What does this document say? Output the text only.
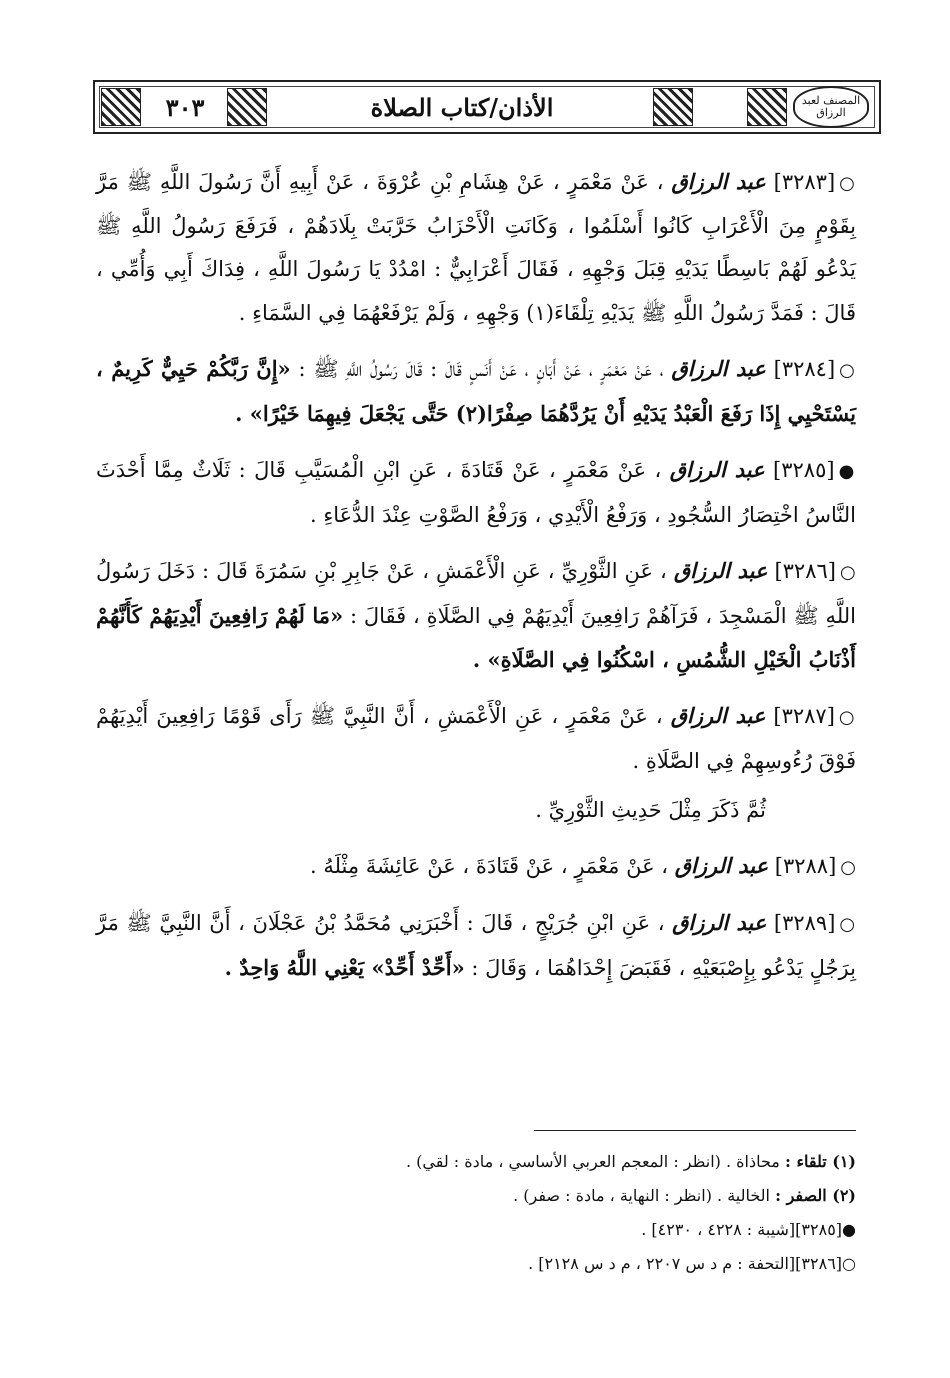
المصنف لعبد الرزاق
الأذان/كتاب الصلاة
٣٠٣

○[٣٢٨٣] عبد الرزاق ، عَنْ مَعْمَرٍ ، عَنْ هِشَامِ بْنِ عُرْوَةَ ، عَنْ أَبِيهِ أَنَّ رَسُولَ اللَّهِ ﷺ مَرَّ بِقَوْمٍ مِنَ الْأَعْرَابِ كَانُوا أَسْلَمُوا ، وَكَانَتِ الْأَحْزَابُ خَرَّبَتْ بِلَادَهُمْ ، فَرَفَعَ رَسُولُ اللَّهِ ﷺ يَدْعُو لَهُمْ بَاسِطًا يَدَيْهِ قِبَلَ وَجْهِهِ ، فَقَالَ أَعْرَابِيٌّ : امْدُدْ يَا رَسُولَ اللَّهِ ، فِدَاكَ أَبِي وَأُمِّي ، قَالَ : فَمَدَّ رَسُولُ اللَّهِ ﷺ يَدَيْهِ تِلْقَاءَ(١) وَجْهِهِ ، وَلَمْ يَرْفَعْهُمَا فِي السَّمَاءِ .

○[٣٢٨٤] عبد الرزاق ، عَنْ مَعْمَرٍ ، عَنْ أَبَانٍ ، عَنْ أَنَسٍ قَالَ : قَالَ رَسُولُ اللَّهِ ﷺ : «إِنَّ رَبَّكُمْ حَيِيٌّ كَرِيمٌ ، يَسْتَحْيِي إِذَا رَفَعَ الْعَبْدُ يَدَيْهِ أَنْ يَرُدَّهُمَا صِفْرًا(٢) حَتَّى يَجْعَلَ فِيهِمَا خَيْرًا» .

●[٣٢٨٥] عبد الرزاق ، عَنْ مَعْمَرٍ ، عَنْ قَتَادَةَ ، عَنِ ابْنِ الْمُسَيَّبِ قَالَ : ثَلَاثٌ مِمَّا أَحْدَثَ النَّاسُ اخْتِصَارُ السُّجُودِ ، وَرَفْعُ الْأَيْدِي ، وَرَفْعُ الصَّوْتِ عِنْدَ الدُّعَاءِ .

○[٣٢٨٦] عبد الرزاق ، عَنِ الثَّوْرِيِّ ، عَنِ الْأَعْمَشِ ، عَنْ جَابِرِ بْنِ سَمُرَةَ قَالَ : دَخَلَ رَسُولُ اللَّهِ ﷺ الْمَسْجِدَ ، فَرَآهُمْ رَافِعِينَ أَيْدِيَهُمْ فِي الصَّلَاةِ ، فَقَالَ : «مَا لَهُمْ رَافِعِينَ أَيْدِيَهُمْ كَأَنَّهُمْ أَذْنَابُ الْخَيْلِ الشُّمُسِ ، اسْكُنُوا فِي الصَّلَاةِ» .

○[٣٢٨٧] عبد الرزاق ، عَنْ مَعْمَرٍ ، عَنِ الْأَعْمَشِ ، أَنَّ النَّبِيَّ ﷺ رَأَى قَوْمًا رَافِعِينَ أَيْدِيَهُمْ فَوْقَ رُءُوسِهِمْ فِي الصَّلَاةِ .

ثُمَّ ذَكَرَ مِثْلَ حَدِيثِ الثَّوْرِيِّ .

○[٣٢٨٨] عبد الرزاق ، عَنْ مَعْمَرٍ ، عَنْ قَتَادَةَ ، عَنْ عَائِشَةَ مِثْلَهُ .

○[٣٢٨٩] عبد الرزاق ، عَنِ ابْنِ جُرَيْجٍ ، قَالَ : أَخْبَرَنِي مُحَمَّدُ بْنُ عَجْلَانَ ، أَنَّ النَّبِيَّ ﷺ مَرَّ بِرَجُلٍ يَدْعُو بِإِصْبَعَيْهِ ، فَقَبَضَ إِحْدَاهُمَا ، وَقَالَ : «أَحِّدْ أَحِّدْ» يَعْنِي اللَّهُ وَاحِدٌ .

(١) تلقاء : محاذاة . (انظر : المعجم العربي الأساسي ، مادة : لقي) .

(٢) الصفر : الخالية . (انظر : النهاية ، مادة : صفر) .

●[٣٢٨٥][شيبة : ٤٢٢٨ ، ٤٢٣٠] .

○[٣٢٨٦][التحفة : م د س ٢٢٠٧ ، م د س ٢١٢٨] .
